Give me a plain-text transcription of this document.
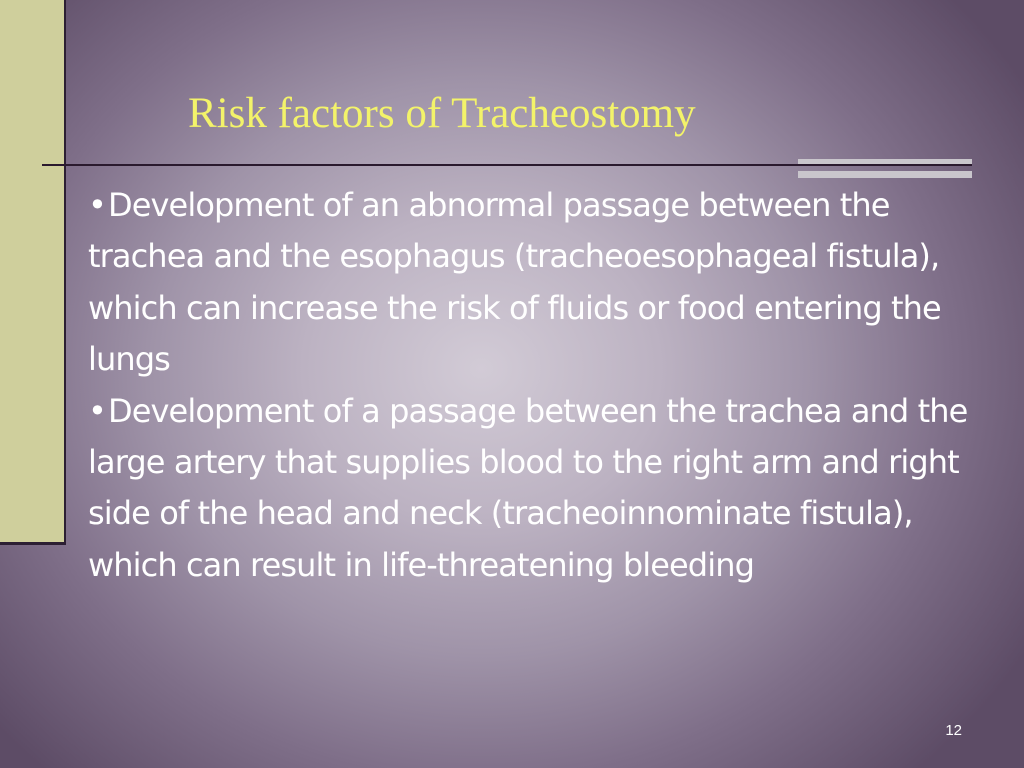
Risk factors of Tracheostomy
•Development of an abnormal passage between the trachea and the esophagus (tracheoesophageal fistula), which can increase the risk of fluids or food entering the lungs
•Development of a passage between the trachea and the large artery that supplies blood to the right arm and right side of the head and neck (tracheoinnominate fistula), which can result in life-threatening bleeding
12
